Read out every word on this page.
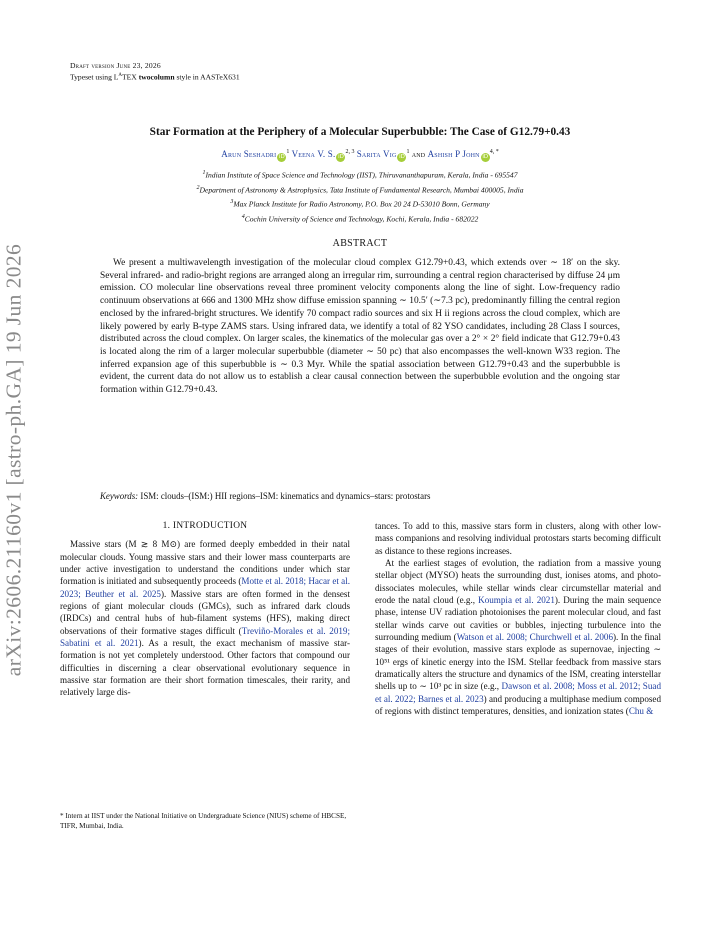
Draft version June 23, 2026
Typeset using $L^ATEX$ twocolumn style in AASTeX631
arXiv:2606.21160v1 [astro-ph.GA] 19 Jun 2026
Star Formation at the Periphery of a Molecular Superbubble: The Case of G12.79+0.43
Arun Seshadri $iD^1$ Veena V. S. iD$^{2, 3}$ Sarita Vig $iD^1$ and Ashish P John $iD^{4, *}$
$^1$Indian Institute of Space Science and Technology (IIST), Thiruvananthapuram, Kerala, India - 695547
$^2$Department of Astronomy & Astrophysics, Tata Institute of Fundamental Research, Mumbai 400005, India
$^3$Max Planck Institute for Radio Astronomy, P.O. Box 20 24 D-53010 Bonn, Germany
$^4$Cochin University of Science and Technology, Kochi, Kerala, India - 682022
ABSTRACT
We present a multiwavelength investigation of the molecular cloud complex G12.79+0.43, which extends over ∼ 18′ on the sky. Several infrared- and radio-bright regions are arranged along an irregular rim, surrounding a central region characterised by diffuse 24 μm emission. CO molecular line observations reveal three prominent velocity components along the line of sight. Low-frequency radio continuum observations at 666 and 1300 MHz show diffuse emission spanning ∼ 10.5′ (∼7.3 pc), predominantly filling the central region enclosed by the infrared-bright structures. We identify 70 compact radio sources and six H ii regions across the cloud complex, which are likely powered by early B-type ZAMS stars. Using infrared data, we identify a total of 82 YSO candidates, including 28 Class I sources, distributed across the cloud complex. On larger scales, the kinematics of the molecular gas over a 2° × 2° field indicate that G12.79+0.43 is located along the rim of a larger molecular superbubble (diameter ∼ 50 pc) that also encompasses the well-known W33 region. The inferred expansion age of this superbubble is ∼ 0.3 Myr. While the spatial association between G12.79+0.43 and the superbubble is evident, the current data do not allow us to establish a clear causal connection between the superbubble evolution and the ongoing star formation within G12.79+0.43.
Keywords: ISM: clouds–(ISM:) HII regions–ISM: kinematics and dynamics–stars: protostars
1. INTRODUCTION

Massive stars (M ≳ 8 M⊙) are formed deeply embedded in their natal molecular clouds. Young massive stars and their lower mass counterparts are under active investigation to understand the conditions under which star formation is initiated and subsequently proceeds (Motte et al. 2018; Hacar et al. 2023; Beuther et al. 2025). Massive stars are often formed in the densest regions of giant molecular clouds (GMCs), such as infrared dark clouds (IRDCs) and central hubs of hub-filament systems (HFS), making direct observations of their formative stages difficult (Treviño-Morales et al. 2019; Sabatini et al. 2021). As a result, the exact mechanism of massive star-formation is not yet completely understood. Other factors that compound our difficulties in discerning a clear observational evolutionary sequence in massive star formation are their short formation timescales, their rarity, and relatively large dis-

tances. To add to this, massive stars form in clusters, along with other low-mass companions and resolving individual protostars starts becoming difficult as distance to these regions increases.

At the earliest stages of evolution, the radiation from a massive young stellar object (MYSO) heats the surrounding dust, ionises atoms, and photo-dissociates molecules, while stellar winds clear circumstellar material and erode the natal cloud (e.g., Koumpia et al. 2021). During the main sequence phase, intense UV radiation photoionises the parent molecular cloud, and fast stellar winds carve out cavities or bubbles, injecting turbulence into the surrounding medium (Watson et al. 2008; Churchwell et al. 2006). In the final stages of their evolution, massive stars explode as supernovae, injecting ∼ 10⁵¹ ergs of kinetic energy into the ISM. Stellar feedback from massive stars dramatically alters the structure and dynamics of the ISM, creating interstellar shells up to ∼ 10³ pc in size (e.g., Dawson et al. 2008; Moss et al. 2012; Suad et al. 2022; Barnes et al. 2023) and producing a multiphase medium composed of regions with distinct temperatures, densities, and ionization states (Chu &

* Intern at IIST under the National Initiative on Undergraduate Science (NIUS) scheme of HBCSE, TIFR, Mumbai, India.
